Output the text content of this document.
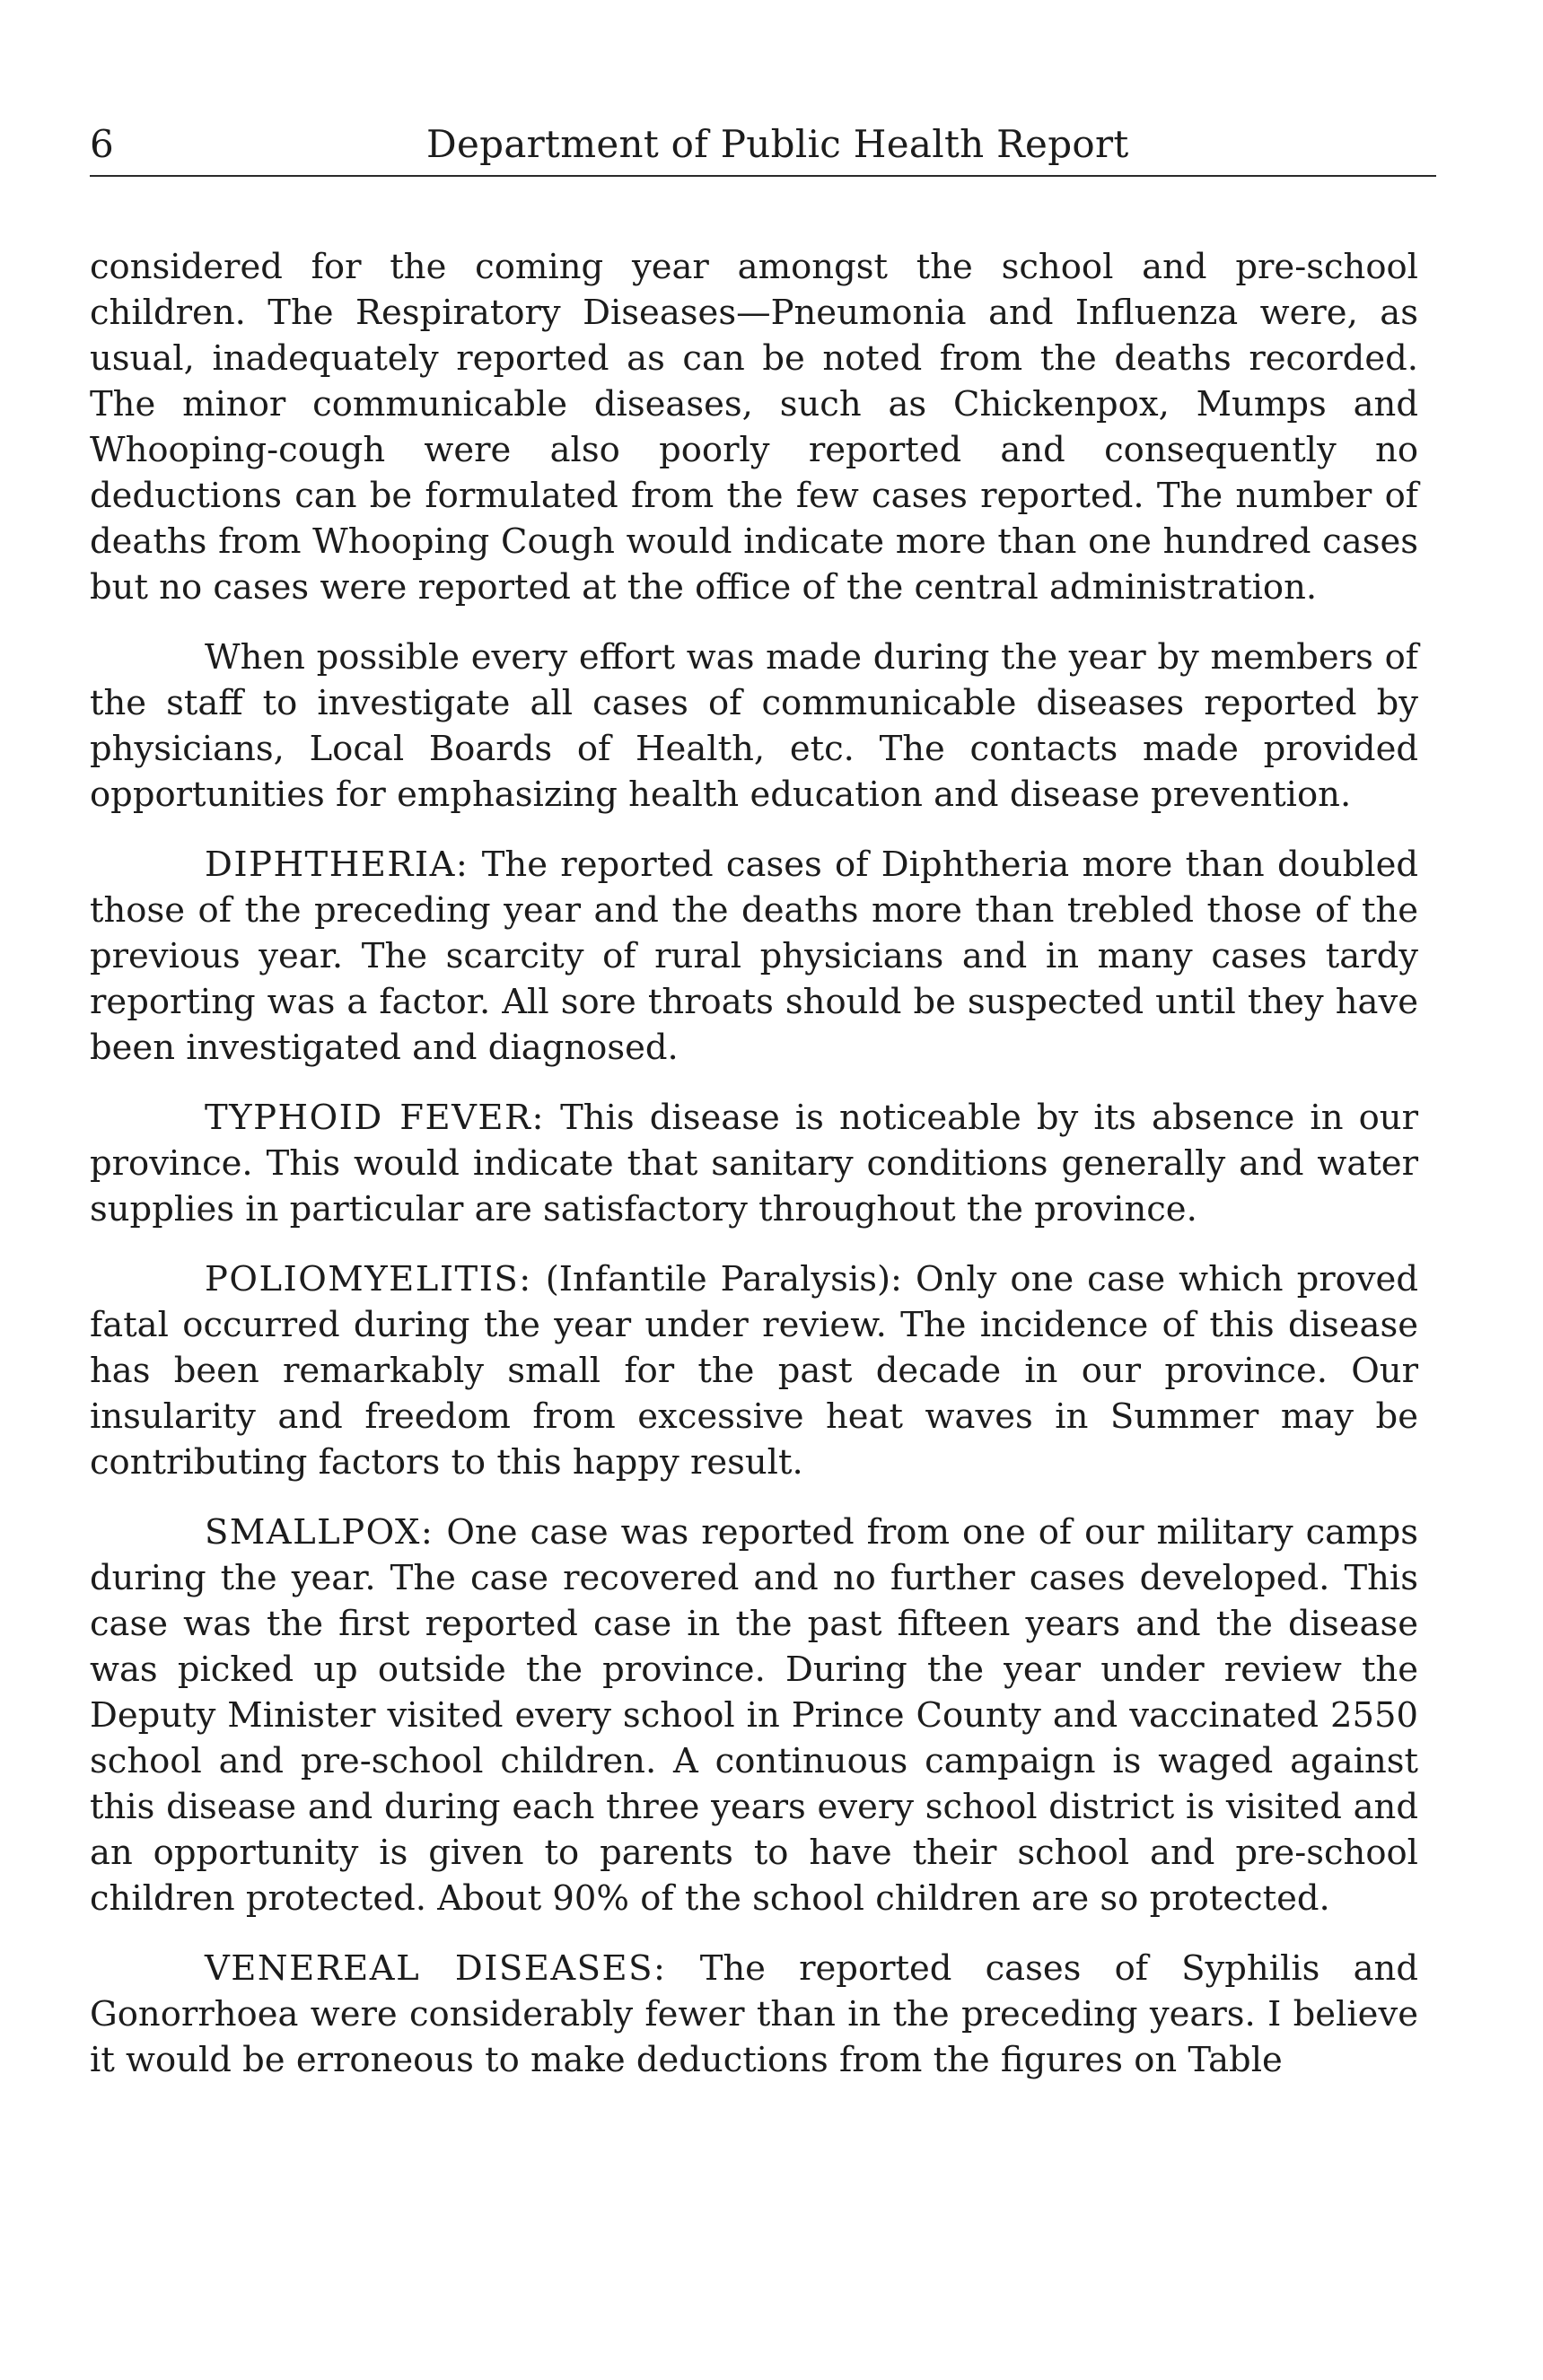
6	Department of Public Health Report

considered for the coming year amongst the school and pre-school children. The Respiratory Diseases—Pneumonia and Influenza were, as usual, inadequately reported as can be noted from the deaths recorded. The minor communicable diseases, such as Chickenpox, Mumps and Whooping-cough were also poorly reported and consequently no deductions can be formulated from the few cases reported. The number of deaths from Whooping Cough would indicate more than one hundred cases but no cases were reported at the office of the central administration.

When possible every effort was made during the year by members of the staff to investigate all cases of communicable diseases reported by physicians, Local Boards of Health, etc. The contacts made provided opportunities for emphasizing health education and disease prevention.

DIPHTHERIA: The reported cases of Diphtheria more than doubled those of the preceding year and the deaths more than trebled those of the previous year. The scarcity of rural physicians and in many cases tardy reporting was a factor. All sore throats should be suspected until they have been investigated and diagnosed.

TYPHOID FEVER: This disease is noticeable by its absence in our province. This would indicate that sanitary conditions generally and water supplies in particular are satisfactory throughout the province.

POLIOMYELITIS: (Infantile Paralysis): Only one case which proved fatal occurred during the year under review. The incidence of this disease has been remarkably small for the past decade in our province. Our insularity and freedom from excessive heat waves in Summer may be contributing factors to this happy result.

SMALLPOX: One case was reported from one of our military camps during the year. The case recovered and no further cases developed. This case was the first reported case in the past fifteen years and the disease was picked up outside the province. During the year under review the Deputy Minister visited every school in Prince County and vaccinated 2550 school and pre-school children. A continuous campaign is waged against this disease and during each three years every school district is visited and an opportunity is given to parents to have their school and pre-school children protected. About 90% of the school children are so protected.

VENEREAL DISEASES: The reported cases of Syphilis and Gonorrhoea were considerably fewer than in the preceding years. I believe it would be erroneous to make deductions from the figures on Table
